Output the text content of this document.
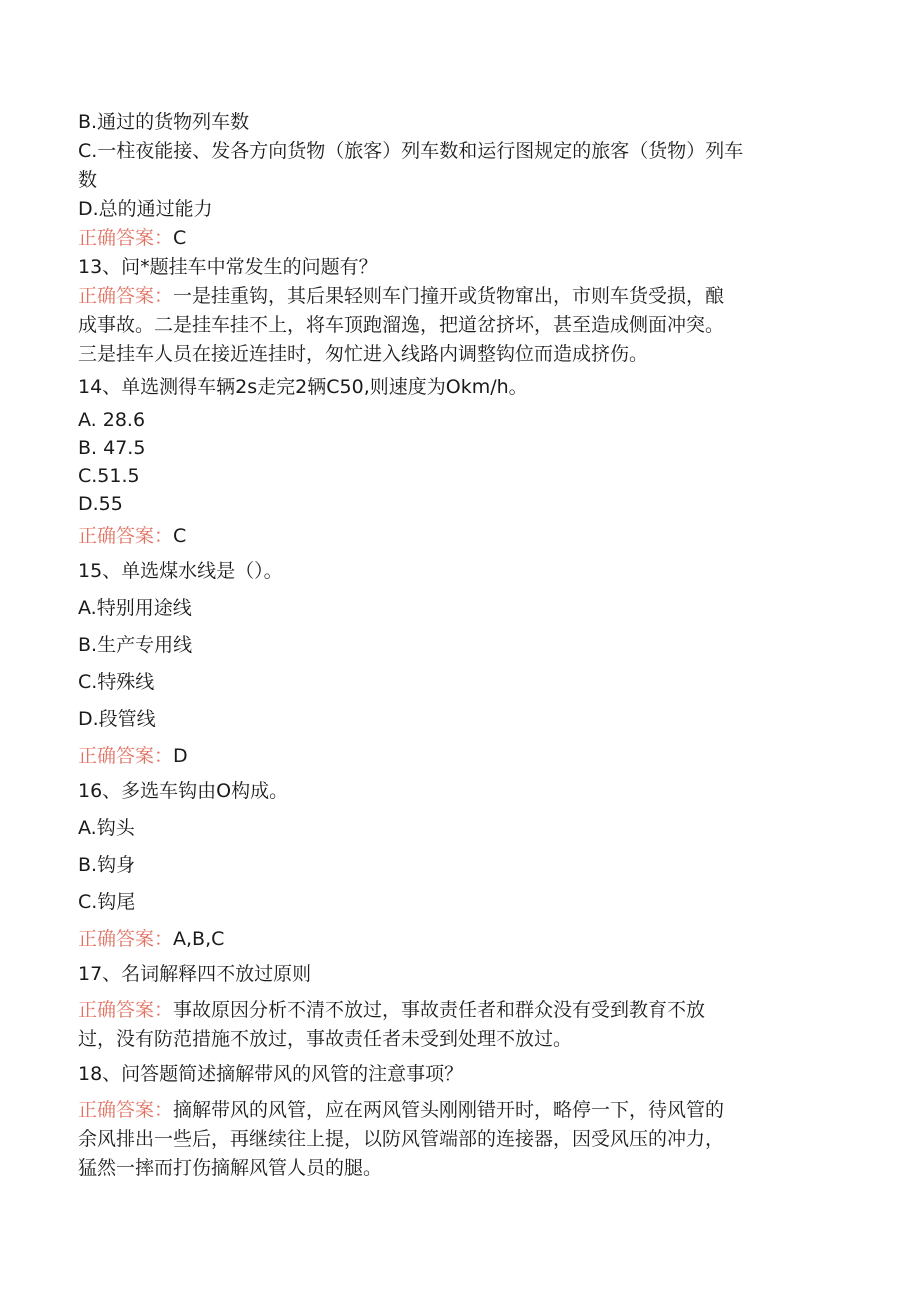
B.通过的货物列车数
C.一柱夜能接、发各方向货物（旅客）列车数和运行图规定的旅客（货物）列车
数
D.总的通过能力
正确答案：C
13、问*题挂车中常发生的问题有？
正确答案：一是挂重钩，其后果轻则车门撞开或货物窜出，市则车货受损，酿
成事故。二是挂车挂不上，将车顶跑溜逸，把道岔挤坏，甚至造成侧面冲突。
三是挂车人员在接近连挂时，匆忙进入线路内调整钩位而造成挤伤。
14、单选测得车辆2s走完2辆C50,则速度为Okm/h。
A. 28.6
B. 47.5
C.51.5
D.55
正确答案：C
15、单选煤水线是（）。
A.特别用途线
B.生产专用线
C.特殊线
D.段管线
正确答案：D
16、多选车钩由O构成。
A.钩头
B.钩身
C.钩尾
正确答案：A,B,C
17、名词解释四不放过原则
正确答案：事故原因分析不清不放过，事故责任者和群众没有受到教育不放
过，没有防范措施不放过，事故责任者未受到处理不放过。
18、问答题简述摘解带风的风管的注意事项？
正确答案：摘解带风的风管，应在两风管头刚刚错开时，略停一下，待风管的
余风排出一些后，再继续往上提，以防风管端部的连接器，因受风压的冲力，
猛然一摔而打伤摘解风管人员的腿。
